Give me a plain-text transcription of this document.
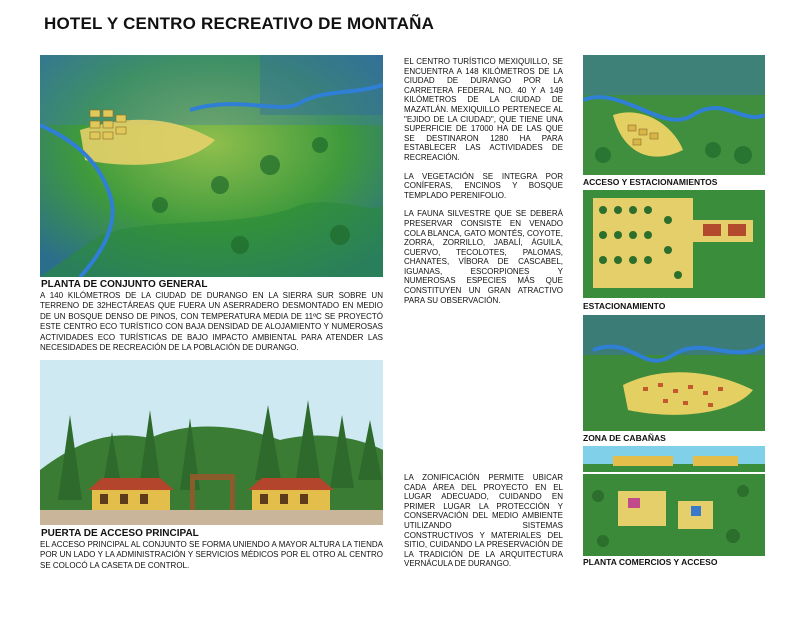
HOTEL Y CENTRO RECREATIVO DE MONTAÑA
PLANTA DE CONJUNTO GENERAL
A 140 KILÓMETROS DE LA CIUDAD DE DURANGO EN LA SIERRA SUR SOBRE UN TERRENO DE 32HECTÁREAS QUE FUERA UN ASERRADERO DESMONTADO EN MEDIO DE UN BOSQUE DENSO DE PINOS, CON TEMPERATURA MEDIA DE 11ºC SE PROYECTÓ ESTE CENTRO ECO TURÍSTICO CON BAJA DENSIDAD DE ALOJAMIENTO Y NUMEROSAS ACTIVIDADES ECO TURÍSTICAS DE BAJO IMPACTO AMBIENTAL PARA ATENDER LAS NECESIDADES DE RECREACIÓN DE LA POBLACIÓN DE DURANGO.
PUERTA DE ACCESO PRINCIPAL
EL ACCESO PRINCIPAL AL CONJUNTO SE FORMA UNIENDO A MAYOR ALTURA LA TIENDA POR UN LADO Y LA ADMINISTRACIÓN Y SERVICIOS MÉDICOS POR EL OTRO AL CENTRO SE COLOCÓ LA CASETA DE CONTROL.

EL CENTRO TURÍSTICO MEXIQUILLO, SE ENCUENTRA A 148 KILÓMETROS DE LA CIUDAD DE DURANGO POR LA CARRETERA FEDERAL NO. 40 Y A 149 KILÓMETROS DE LA CIUDAD DE MAZATLÁN. MEXIQUILLO PERTENECE AL "EJIDO DE LA CIUDAD", QUE TIENE UNA SUPERFICIE DE 17000 HA DE LAS QUE SE DESTINARON 1280 HA PARA ESTABLECER LAS ACTIVIDADES DE RECREACIÓN.

LA VEGETACIÓN SE INTEGRA POR CONÍFERAS, ENCINOS Y BOSQUE TEMPLADO PERENIFOLIO.

LA FAUNA SILVESTRE QUE SE DEBERÁ PRESERVAR CONSISTE EN VENADO COLA BLANCA, GATO MONTÉS, COYOTE, ZORRA, ZORRILLO, JABALÍ, ÁGUILA, CUERVO, TECOLOTES, PALOMAS, CHANATES, VÍBORA DE CASCABEL, IGUANAS, ESCORPIONES Y NUMEROSAS ESPECIES MÁS QUE CONSTITUYEN UN GRAN ATRACTIVO PARA SU OBSERVACIÓN.

LA ZONIFICACIÓN PERMITE UBICAR CADA ÁREA DEL PROYECTO EN EL LUGAR ADECUADO, CUIDANDO EN PRIMER LUGAR LA PROTECCIÓN Y CONSERVACIÓN DEL MEDIO AMBIENTE UTILIZANDO SISTEMAS CONSTRUCTIVOS Y MATERIALES DEL SITIO, CUIDANDO LA PRESERVACIÓN DE LA TRADICIÓN DE LA ARQUITECTURA VERNÁCULA DE DURANGO.

ACCESO Y ESTACIONAMIENTOS
ESTACIONAMIENTO
ZONA DE CABAÑAS
PLANTA COMERCIOS Y ACCESO
